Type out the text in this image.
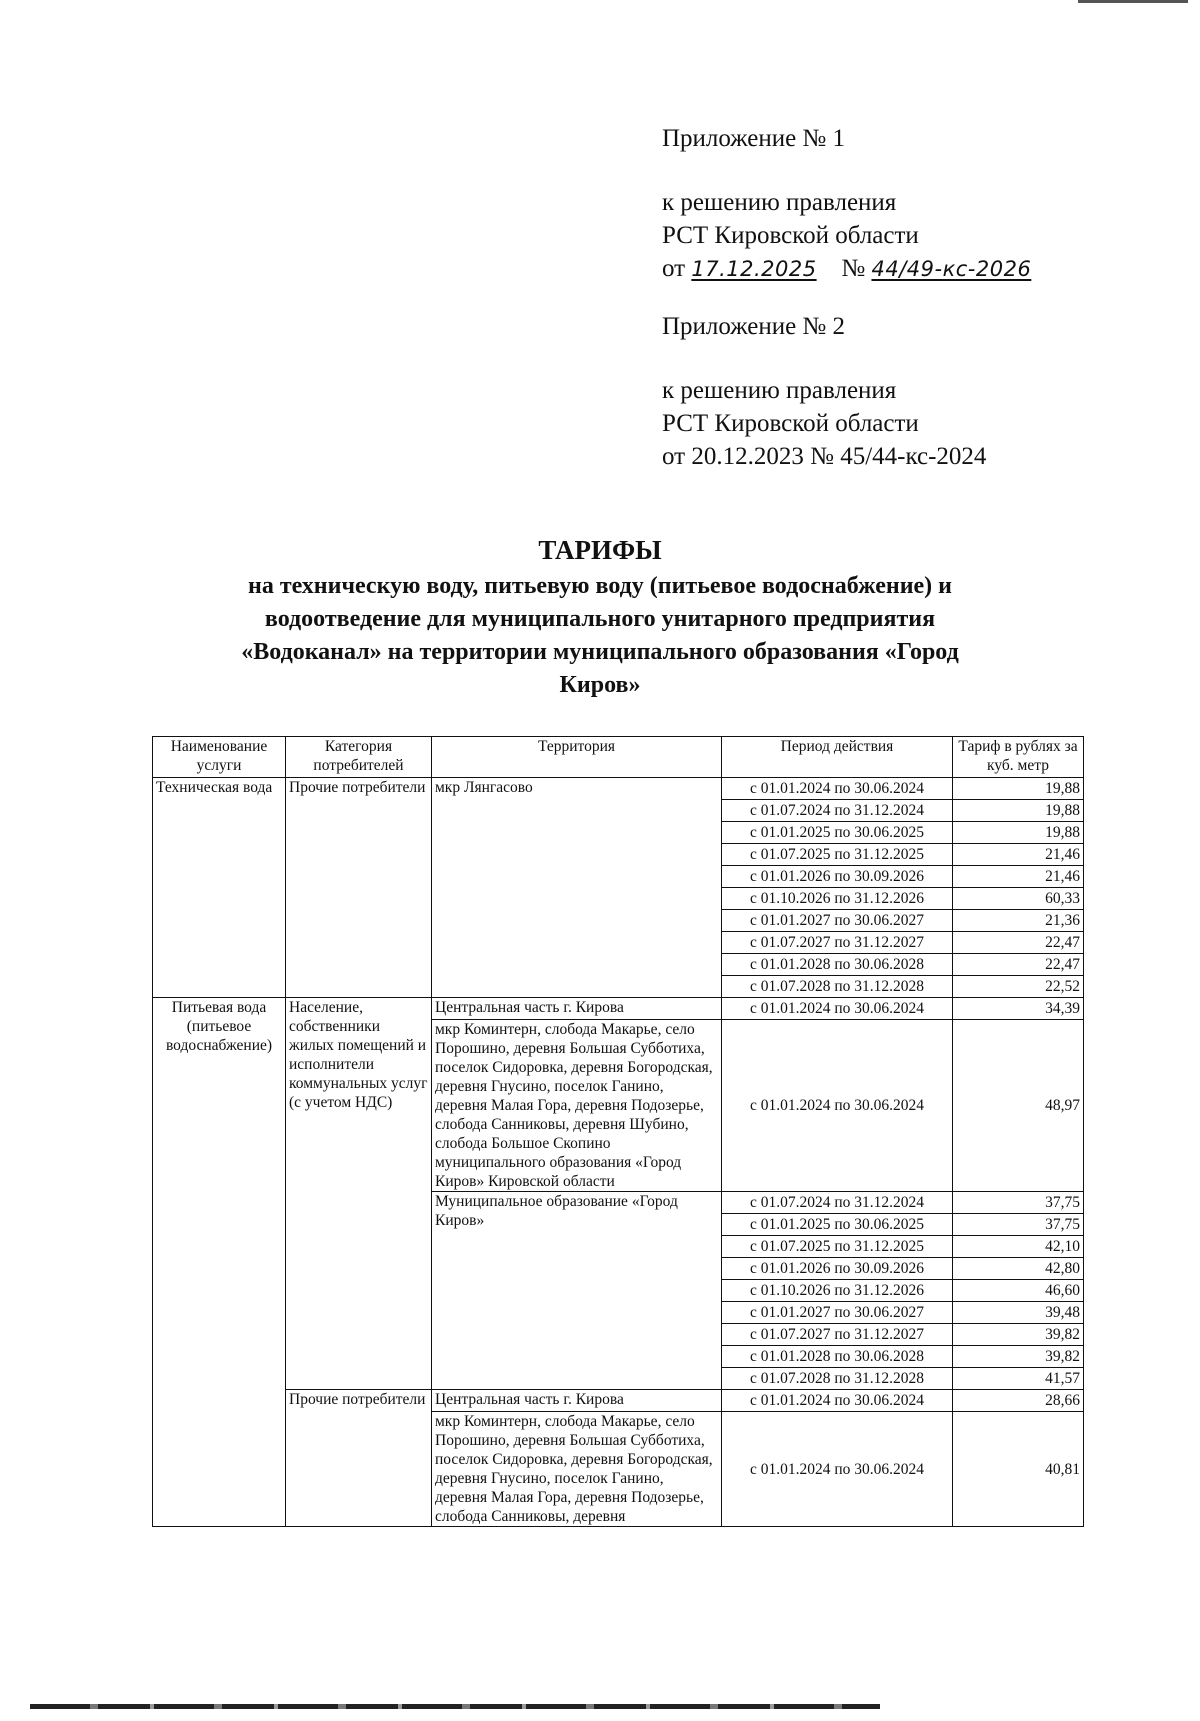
Приложение № 1
к решению правления
РСТ Кировской области
от 17.12.2025 № 44/49-кс-2026
Приложение № 2
к решению правления
РСТ Кировской области
от 20.12.2023 № 45/44-кс-2024
ТАРИФЫ
на техническую воду, питьевую воду (питьевое водоснабжение) и
водоотведение для муниципального унитарного предприятия
«Водоканал» на территории муниципального образования «Город
Киров»
Наименование услуги	Категория потребителей	Территория	Период действия	Тариф в рублях за куб. метр
Техническая вода	Прочие потребители	мкр Лянгасово	с 01.01.2024 по 30.06.2024	19,88
			с 01.07.2024 по 31.12.2024	19,88
			с 01.01.2025 по 30.06.2025	19,88
			с 01.07.2025 по 31.12.2025	21,46
			с 01.01.2026 по 30.09.2026	21,46
			с 01.10.2026 по 31.12.2026	60,33
			с 01.01.2027 по 30.06.2027	21,36
			с 01.07.2027 по 31.12.2027	22,47
			с 01.01.2028 по 30.06.2028	22,47
			с 01.07.2028 по 31.12.2028	22,52
Питьевая вода (питьевое водоснабжение)	Население, собственники жилых помещений и исполнители коммунальных услуг (с учетом НДС)	Центральная часть г. Кирова	с 01.01.2024 по 30.06.2024	34,39
		мкр Коминтерн, слобода Макарье, село Порошино, деревня Большая Субботиха, поселок Сидоровка, деревня Богородская, деревня Гнусино, поселок Ганино, деревня Малая Гора, деревня Подозерье, слобода Санниковы, деревня Шубино, слобода Большое Скопино муниципального образования «Город Киров» Кировской области	с 01.01.2024 по 30.06.2024	48,97
		Муниципальное образование «Город Киров»	с 01.07.2024 по 31.12.2024	37,75
			с 01.01.2025 по 30.06.2025	37,75
			с 01.07.2025 по 31.12.2025	42,10
			с 01.01.2026 по 30.09.2026	42,80
			с 01.10.2026 по 31.12.2026	46,60
			с 01.01.2027 по 30.06.2027	39,48
			с 01.07.2027 по 31.12.2027	39,82
			с 01.01.2028 по 30.06.2028	39,82
			с 01.07.2028 по 31.12.2028	41,57
	Прочие потребители	Центральная часть г. Кирова	с 01.01.2024 по 30.06.2024	28,66
		мкр Коминтерн, слобода Макарье, село Порошино, деревня Большая Субботиха, поселок Сидоровка, деревня Богородская, деревня Гнусино, поселок Ганино, деревня Малая Гора, деревня Подозерье, слобода Санниковы, деревня	с 01.01.2024 по 30.06.2024	40,81
